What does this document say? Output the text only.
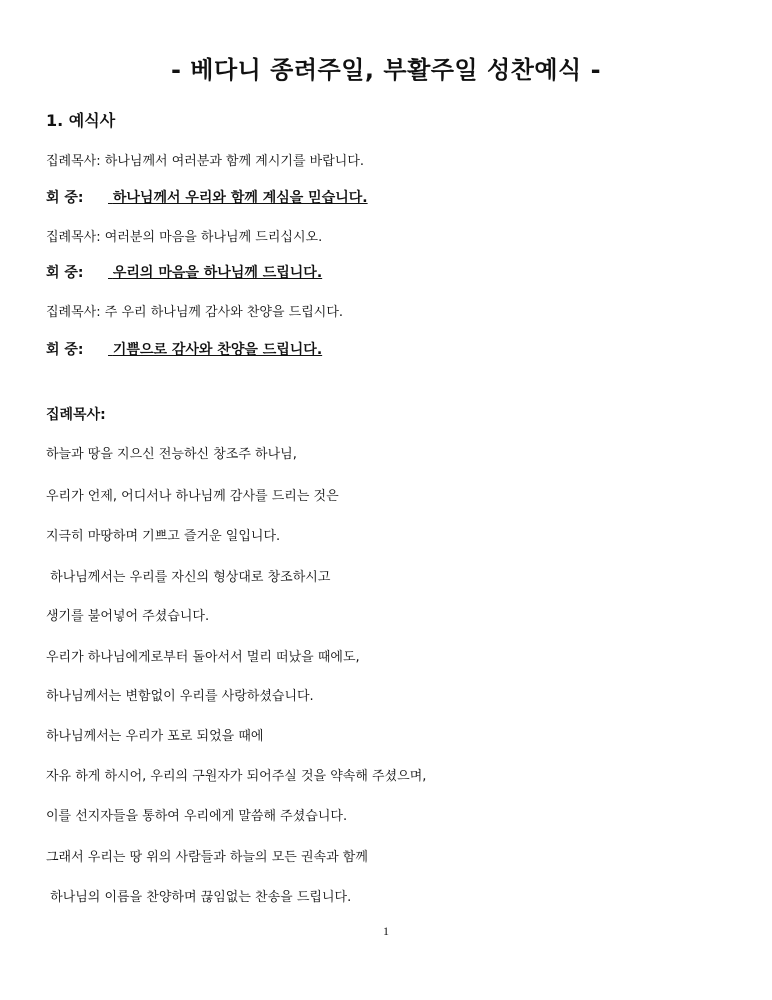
- 베다니 종려주일, 부활주일 성찬예식 -
1. 예식사
집례목사: 하나님께서 여러분과 함께 계시기를 바랍니다.
회 중: 하나님께서 우리와 함께 계심을 믿습니다.
집례목사: 여러분의 마음을 하나님께 드리십시오.
회 중: 우리의 마음을 하나님께 드립니다.
집례목사: 주 우리 하나님께 감사와 찬양을 드립시다.
회 중: 기쁨으로 감사와 찬양을 드립니다.
집례목사:
하늘과 땅을 지으신 전능하신 창조주 하나님,
우리가 언제, 어디서나 하나님께 감사를 드리는 것은
지극히 마땅하며 기쁘고 즐거운 일입니다.
하나님께서는 우리를 자신의 형상대로 창조하시고
생기를 불어넣어 주셨습니다.
우리가 하나님에게로부터 돌아서서 멀리 떠났을 때에도,
하나님께서는 변함없이 우리를 사랑하셨습니다.
하나님께서는 우리가 포로 되었을 때에
자유 하게 하시어, 우리의 구원자가 되어주실 것을 약속해 주셨으며,
이를 선지자들을 통하여 우리에게 말씀해 주셨습니다.
그래서 우리는 땅 위의 사람들과 하늘의 모든 권속과 함께
하나님의 이름을 찬양하며 끊임없는 찬송을 드립니다.
1
